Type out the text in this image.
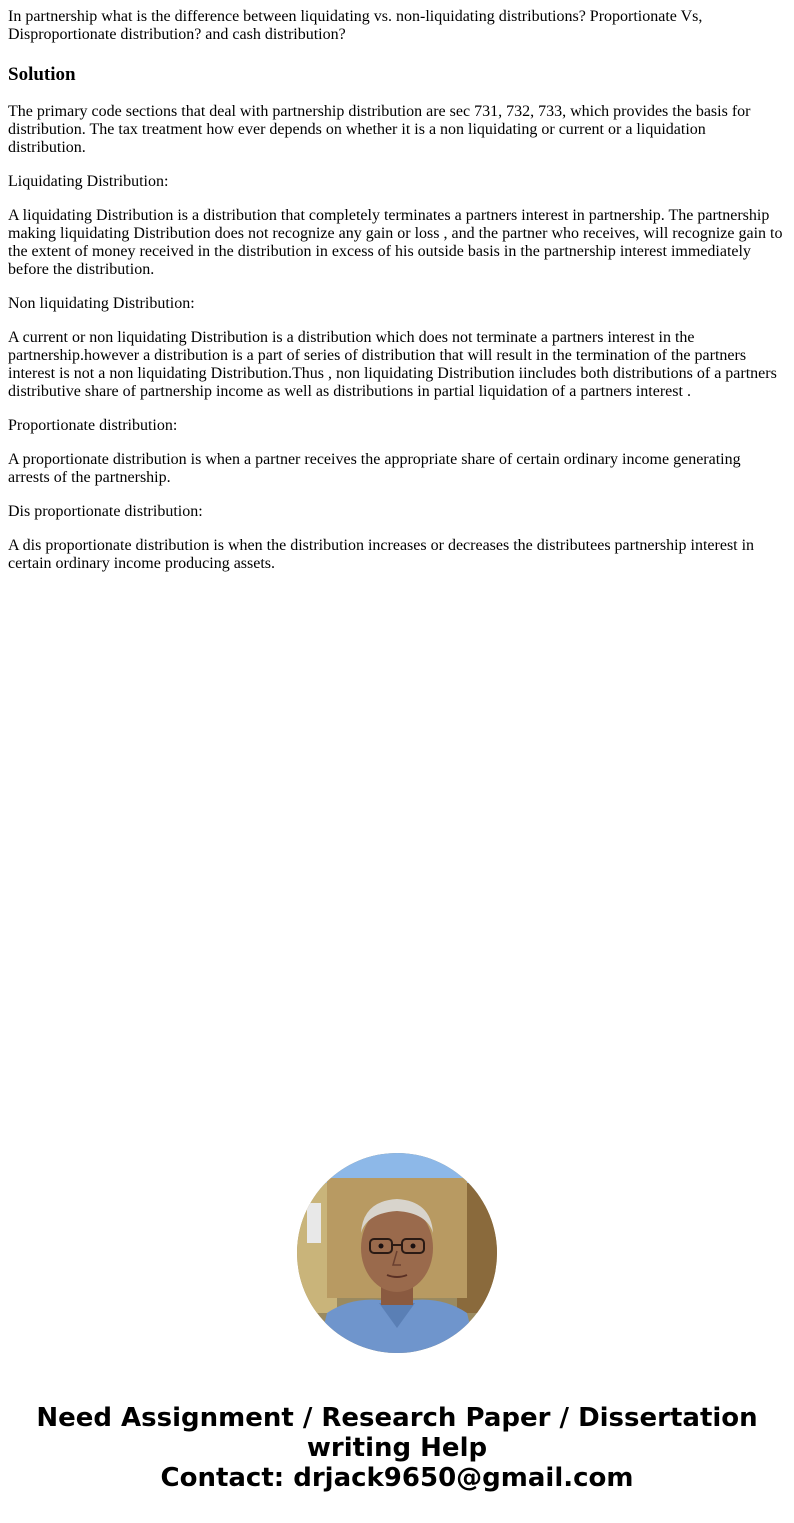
In partnership what is the difference between liquidating vs. non-liquidating distributions? Proportionate Vs, Disproportionate distribution? and cash distribution?
Solution

The primary code sections that deal with partnership distribution are sec 731, 732, 733, which provides the basis for distribution. The tax treatment how ever depends on whether it is a non liquidating or current or a liquidation distribution.

Liquidating Distribution:

A liquidating Distribution is a distribution that completely terminates a partners interest in partnership. The partnership making liquidating Distribution does not recognize any gain or loss , and the partner who receives, will recognize gain to the extent of money received in the distribution in excess of his outside basis in the partnership interest immediately before the distribution.

Non liquidating Distribution:

A current or non liquidating Distribution is a distribution which does not terminate a partners interest in the partnership.however a distribution is a part of series of distribution that will result in the termination of the partners interest is not a non liquidating Distribution.Thus , non liquidating Distribution iincludes both distributions of a partners distributive share of partnership income as well as distributions in partial liquidation of a partners interest .

Proportionate distribution:

A proportionate distribution is when a partner receives the appropriate share of certain ordinary income generating arrests of the partnership.

Dis proportionate distribution:

A dis proportionate distribution is when the distribution increases or decreases the distributees partnership interest in certain ordinary income producing assets.

Need Assignment / Research Paper / Dissertation
writing Help
Contact: drjack9650@gmail.com
